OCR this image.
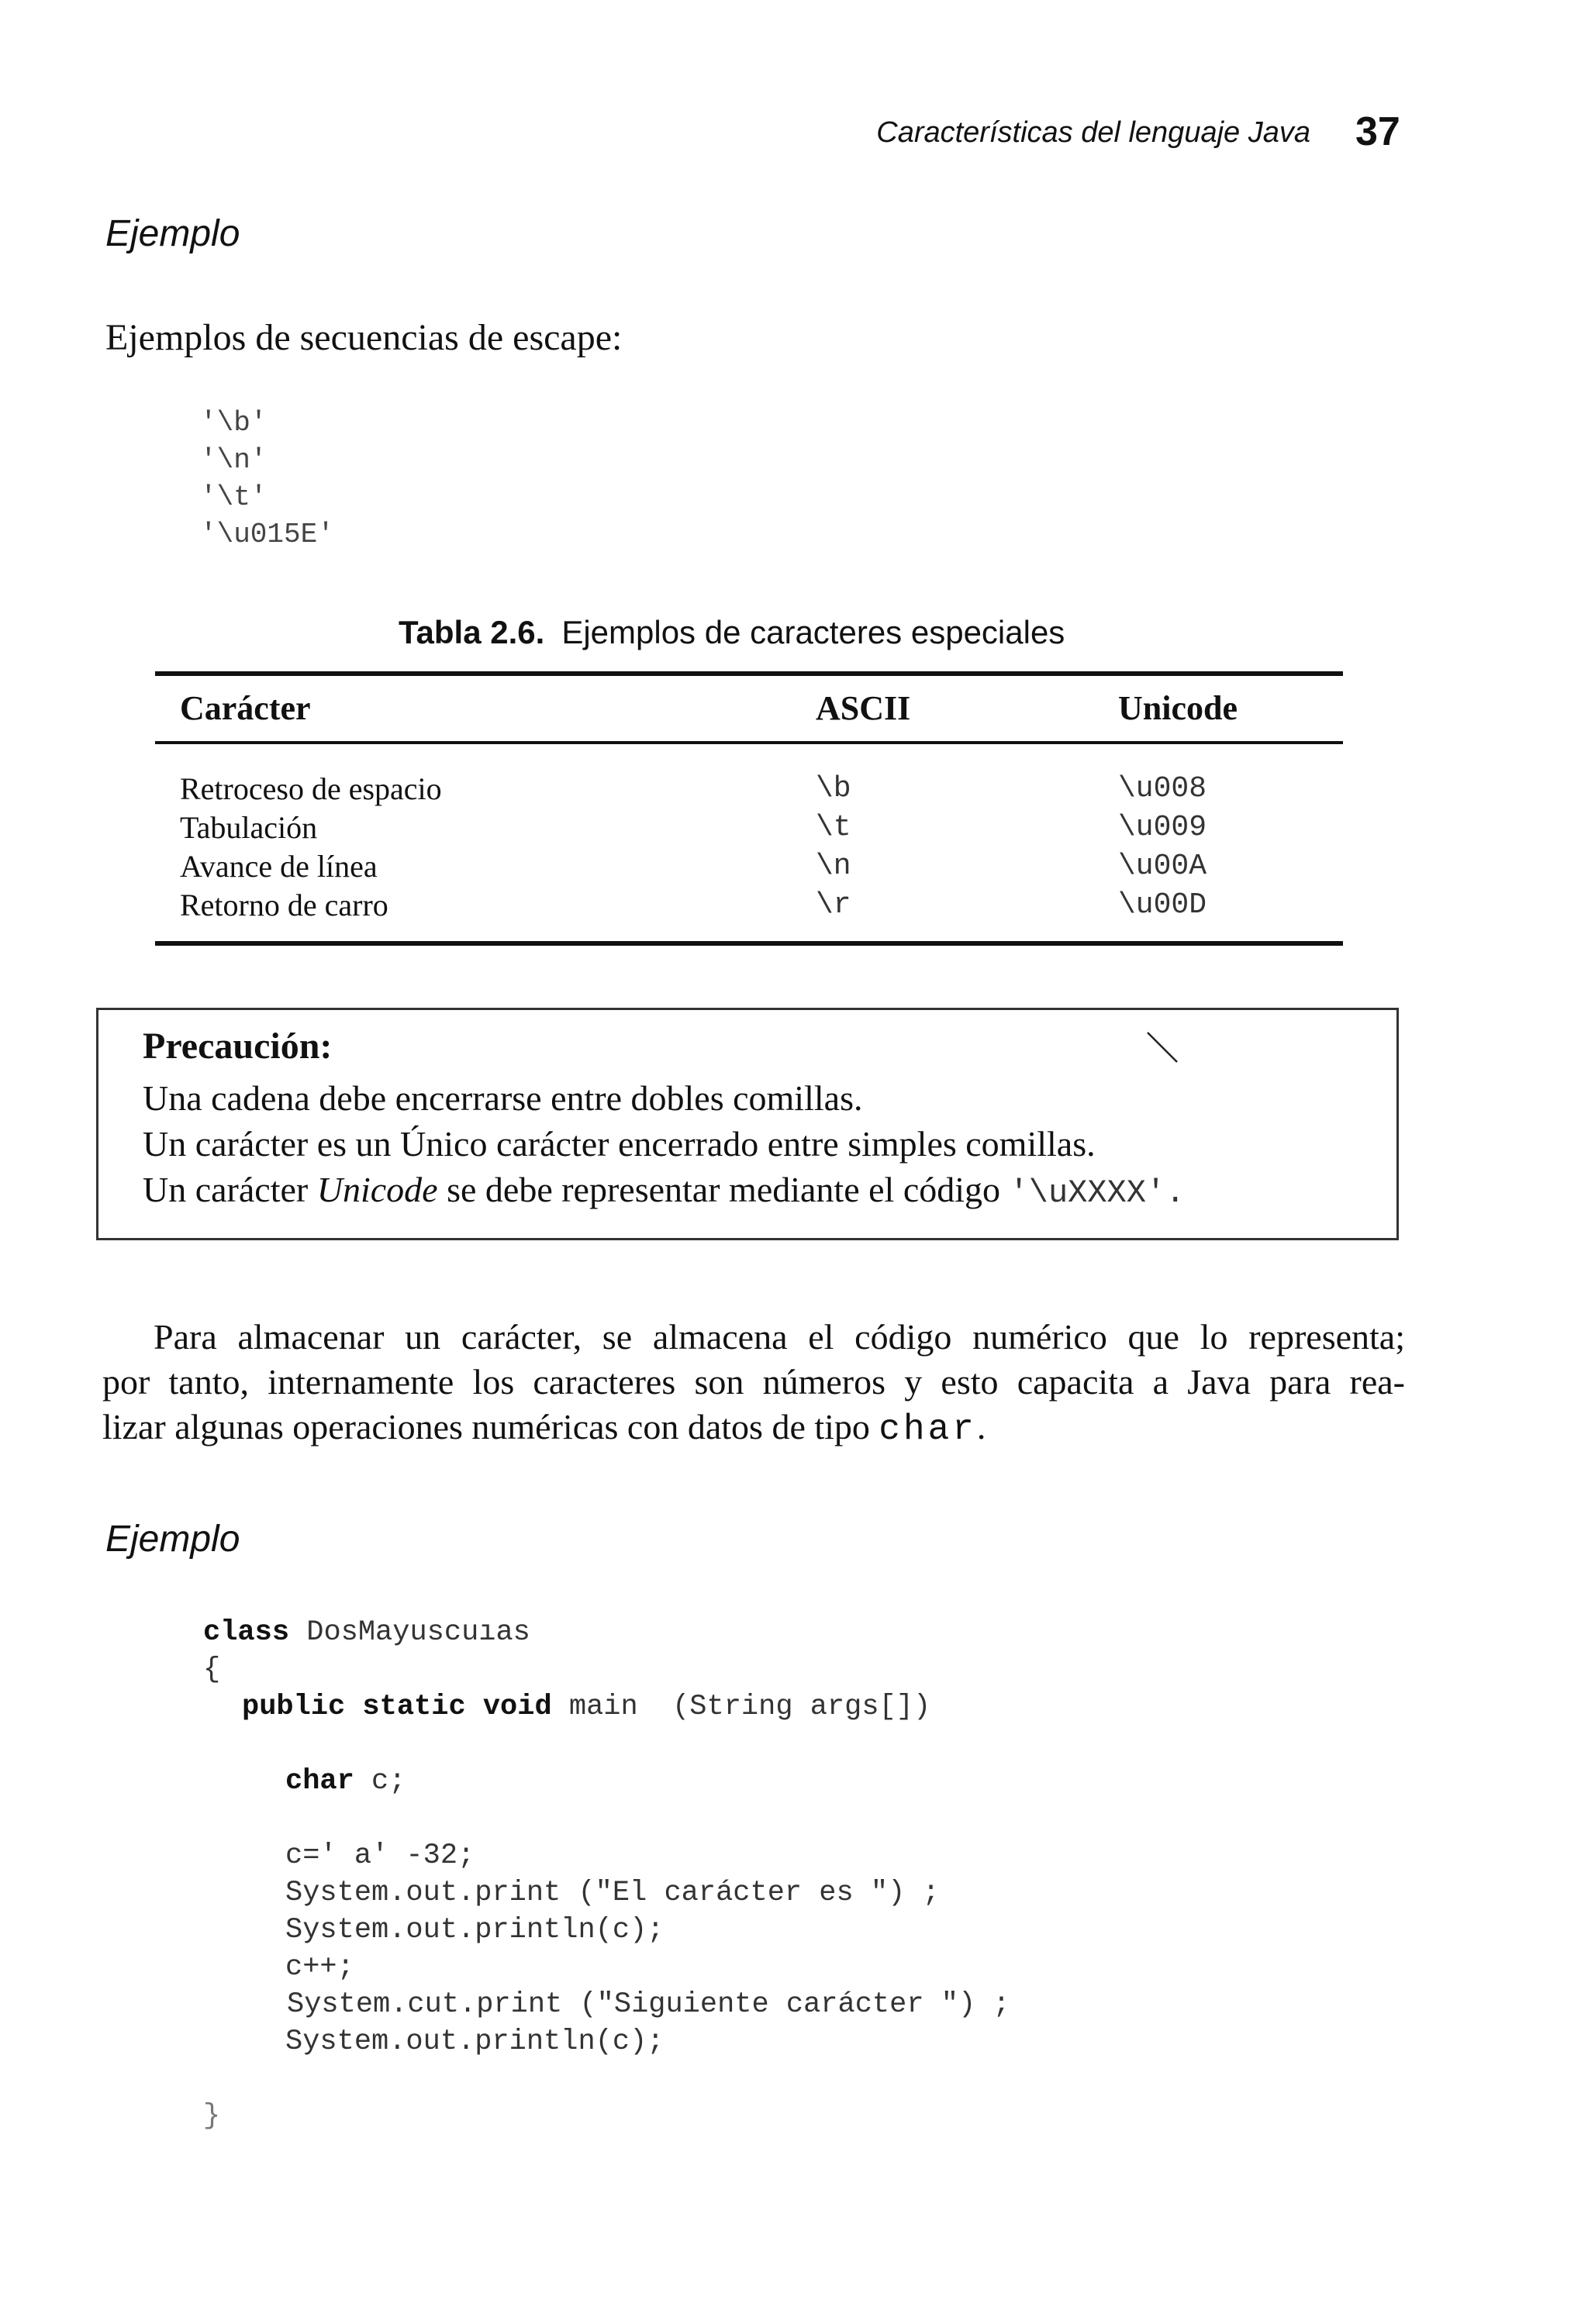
Características del lenguaje Java 37
Ejemplo
Ejemplos de secuencias de escape:
'\b'
'\n'
'\t'
'\u015E'
Tabla 2.6. Ejemplos de caracteres especiales
Carácter	ASCII	Unicode
Retroceso de espacio	\b	\u008
Tabulación	\t	\u009
Avance de línea	\n	\u00A
Retorno de carro	\r	\u00D
Precaución:
Una cadena debe encerrarse entre dobles comillas.
Un carácter es un Único carácter encerrado entre simples comillas.
Un carácter Unicode se debe representar mediante el código '\uXXXX'.
Para almacenar un carácter, se almacena el código numérico que lo representa;
por tanto, internamente los caracteres son números y esto capacita a Java para rea-
lizar algunas operaciones numéricas con datos de tipo char.
Ejemplo
class DosMayuscuıas
{
public static void main  (String args[])
char c;
c=' a' -32;
System.out.print ("El carácter es ") ;
System.out.println(c);
c++;
System.cut.print ("Siguiente carácter ") ;
System.out.println(c);
}
